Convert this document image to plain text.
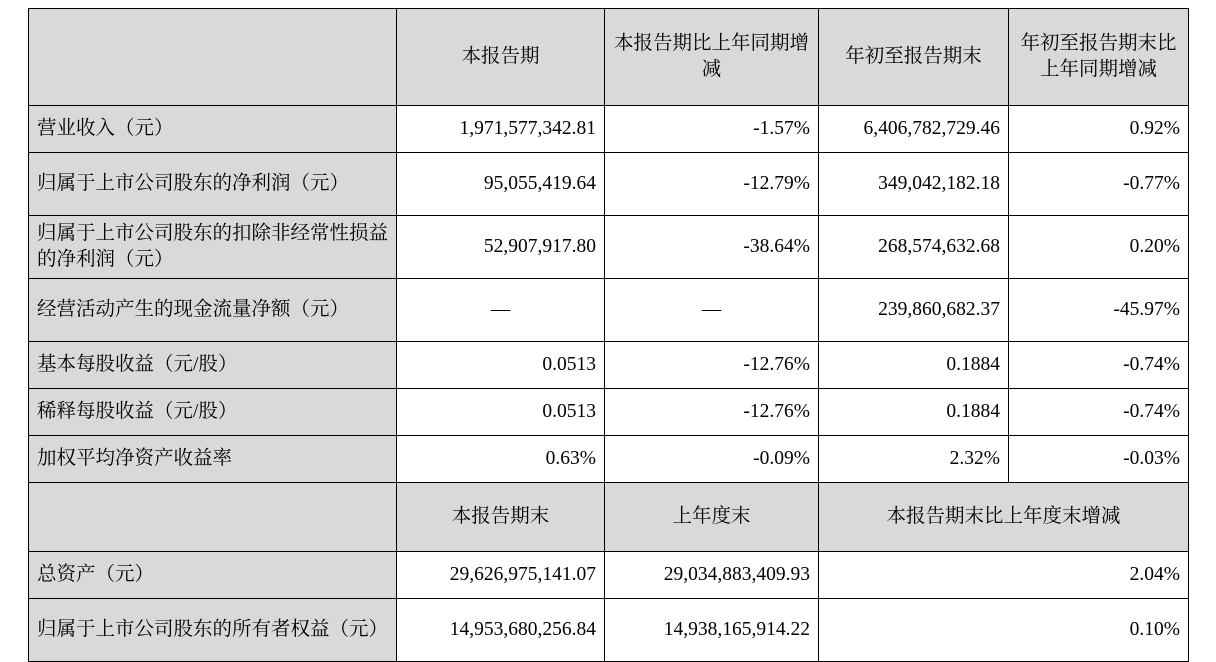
	本报告期	本报告期比上年同期增减	年初至报告期末	年初至报告期末比上年同期增减
营业收入（元）	1,971,577,342.81	-1.57%	6,406,782,729.46	0.92%
归属于上市公司股东的净利润（元）	95,055,419.64	-12.79%	349,042,182.18	-0.77%
归属于上市公司股东的扣除非经常性损益的净利润（元）	52,907,917.80	-38.64%	268,574,632.68	0.20%
经营活动产生的现金流量净额（元）	—	—	239,860,682.37	-45.97%
基本每股收益（元/股）	0.0513	-12.76%	0.1884	-0.74%
稀释每股收益（元/股）	0.0513	-12.76%	0.1884	-0.74%
加权平均净资产收益率	0.63%	-0.09%	2.32%	-0.03%
	本报告期末	上年度末	本报告期末比上年度末增减	
总资产（元）	29,626,975,141.07	29,034,883,409.93	2.04%	
归属于上市公司股东的所有者权益（元）	14,953,680,256.84	14,938,165,914.22	0.10%	
